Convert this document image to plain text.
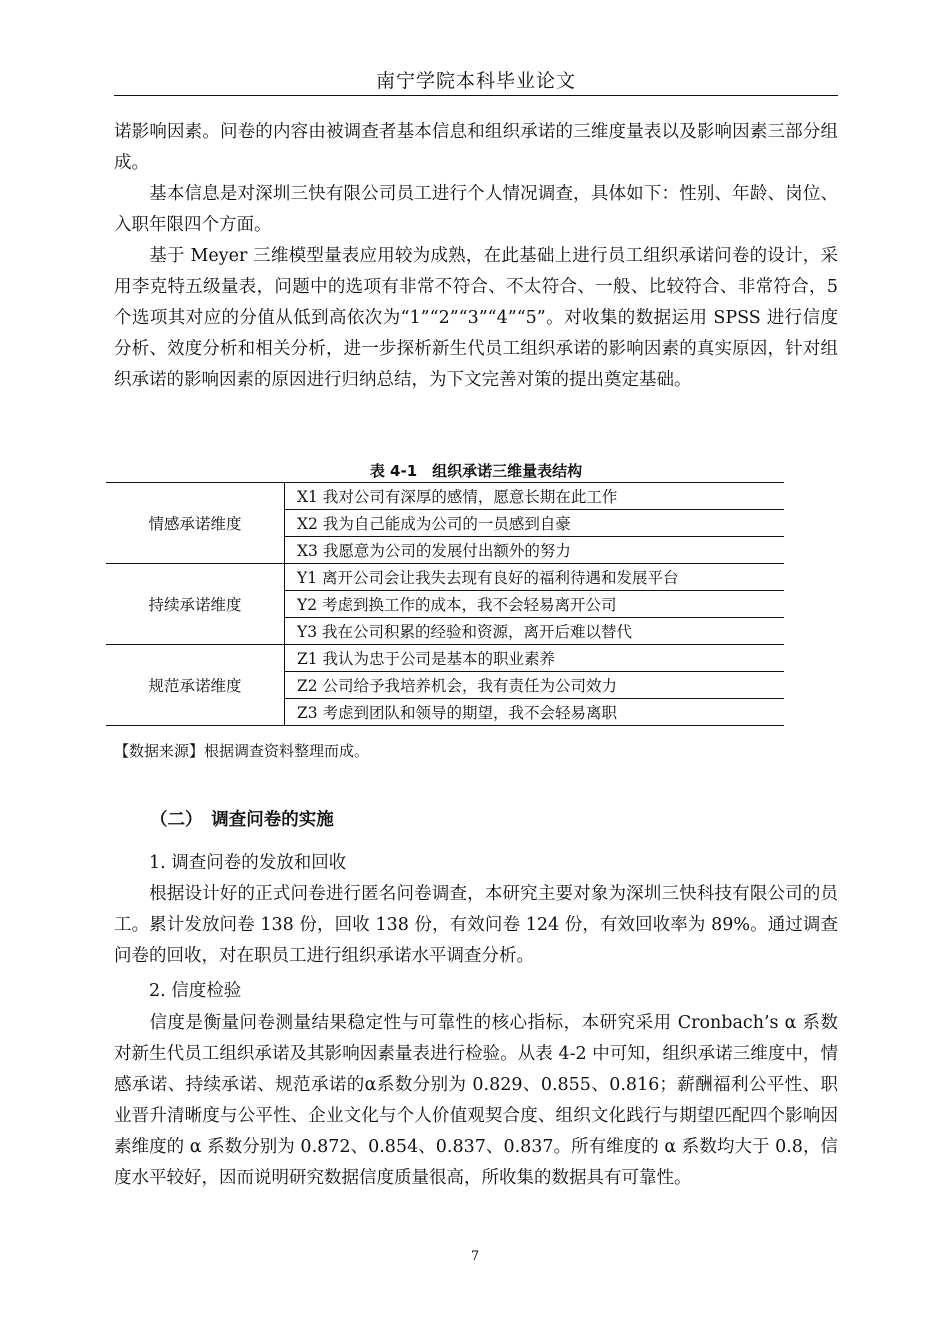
南宁学院本科毕业论文

诺影响因素。问卷的内容由被调查者基本信息和组织承诺的三维度量表以及影响因素三部分组成。

基本信息是对深圳三快有限公司员工进行个人情况调查，具体如下：性别、年龄、岗位、入职年限四个方面。

基于 Meyer 三维模型量表应用较为成熟，在此基础上进行员工组织承诺问卷的设计，采用李克特五级量表，问题中的选项有非常不符合、不太符合、一般、比较符合、非常符合，5 个选项其对应的分值从低到高依次为“1”“2”“3”“4”“5”。对收集的数据运用 SPSS 进行信度分析、效度分析和相关分析，进一步探析新生代员工组织承诺的影响因素的真实原因，针对组织承诺的影响因素的原因进行归纳总结，为下文完善对策的提出奠定基础。

表 4-1　组织承诺三维量表结构
情感承诺维度	X1 我对公司有深厚的感情，愿意长期在此工作
	X2 我为自己能成为公司的一员感到自豪
	X3 我愿意为公司的发展付出额外的努力
持续承诺维度	Y1 离开公司会让我失去现有良好的福利待遇和发展平台
	Y2 考虑到换工作的成本，我不会轻易离开公司
	Y3 我在公司积累的经验和资源，离开后难以替代
规范承诺维度	Z1 我认为忠于公司是基本的职业素养
	Z2 公司给予我培养机会，我有责任为公司效力
	Z3 考虑到团队和领导的期望，我不会轻易离职
【数据来源】根据调查资料整理而成。
（二）　调查问卷的实施

1. 调查问卷的发放和回收

根据设计好的正式问卷进行匿名问卷调查，本研究主要对象为深圳三快科技有限公司的员工。累计发放问卷 138 份，回收 138 份，有效问卷 124 份，有效回收率为 89%。通过调查问卷的回收，对在职员工进行组织承诺水平调查分析。

2. 信度检验

信度是衡量问卷测量结果稳定性与可靠性的核心指标，本研究采用 Cronbach’s α 系数对新生代员工组织承诺及其影响因素量表进行检验。从表 4-2 中可知，组织承诺三维度中，情感承诺、持续承诺、规范承诺的α系数分别为 0.829、0.855、0.816；薪酬福利公平性、职业晋升清晰度与公平性、企业文化与个人价值观契合度、组织文化践行与期望匹配四个影响因素维度的 α 系数分别为 0.872、0.854、0.837、0.837。所有维度的 α 系数均大于 0.8，信度水平较好，因而说明研究数据信度质量很高，所收集的数据具有可靠性。

7
